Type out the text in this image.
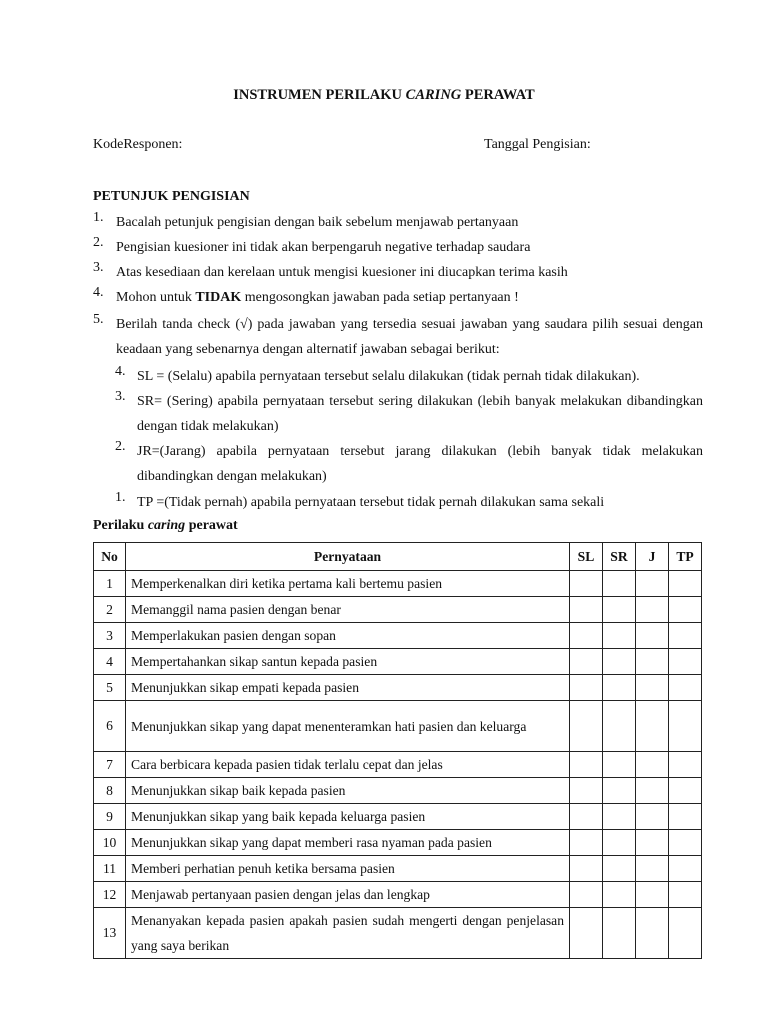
INSTRUMEN PERILAKU CARING PERAWAT
KodeResponen:	Tanggal Pengisian:
PETUNJUK PENGISIAN
1. Bacalah petunjuk pengisian dengan baik sebelum menjawab pertanyaan
2. Pengisian kuesioner ini tidak akan berpengaruh negative terhadap saudara
3. Atas kesediaan dan kerelaan untuk mengisi kuesioner ini diucapkan terima kasih
4. Mohon untuk TIDAK mengosongkan jawaban pada setiap pertanyaan !
5. Berilah tanda check (√) pada jawaban yang tersedia sesuai jawaban yang saudara pilih sesuai dengan keadaan yang sebenarnya dengan alternatif jawaban sebagai berikut:
4. SL = (Selalu) apabila pernyataan tersebut selalu dilakukan (tidak pernah tidak dilakukan).
3. SR= (Sering) apabila pernyataan tersebut sering dilakukan (lebih banyak melakukan dibandingkan dengan tidak melakukan)
2. JR=(Jarang) apabila pernyataan tersebut jarang dilakukan (lebih banyak tidak melakukan dibandingkan dengan melakukan)
1. TP =(Tidak pernah) apabila pernyataan tersebut tidak pernah dilakukan sama sekali
Perilaku caring perawat
No	Pernyataan	SL	SR	J	TP
1	Memperkenalkan diri ketika pertama kali bertemu pasien				
2	Memanggil nama pasien dengan benar				
3	Memperlakukan pasien dengan sopan				
4	Mempertahankan sikap santun kepada pasien				
5	Menunjukkan sikap empati kepada pasien				
6	Menunjukkan sikap yang dapat menenteramkan hati pasien dan keluarga				
7	Cara berbicara kepada pasien tidak terlalu cepat dan jelas				
8	Menunjukkan sikap baik kepada pasien				
9	Menunjukkan sikap yang baik kepada keluarga pasien				
10	Menunjukkan sikap yang dapat memberi rasa nyaman pada pasien				
11	Memberi perhatian penuh ketika bersama pasien				
12	Menjawab pertanyaan pasien dengan jelas dan lengkap				
13	Menanyakan kepada pasien apakah pasien sudah mengerti dengan penjelasan yang saya berikan				
